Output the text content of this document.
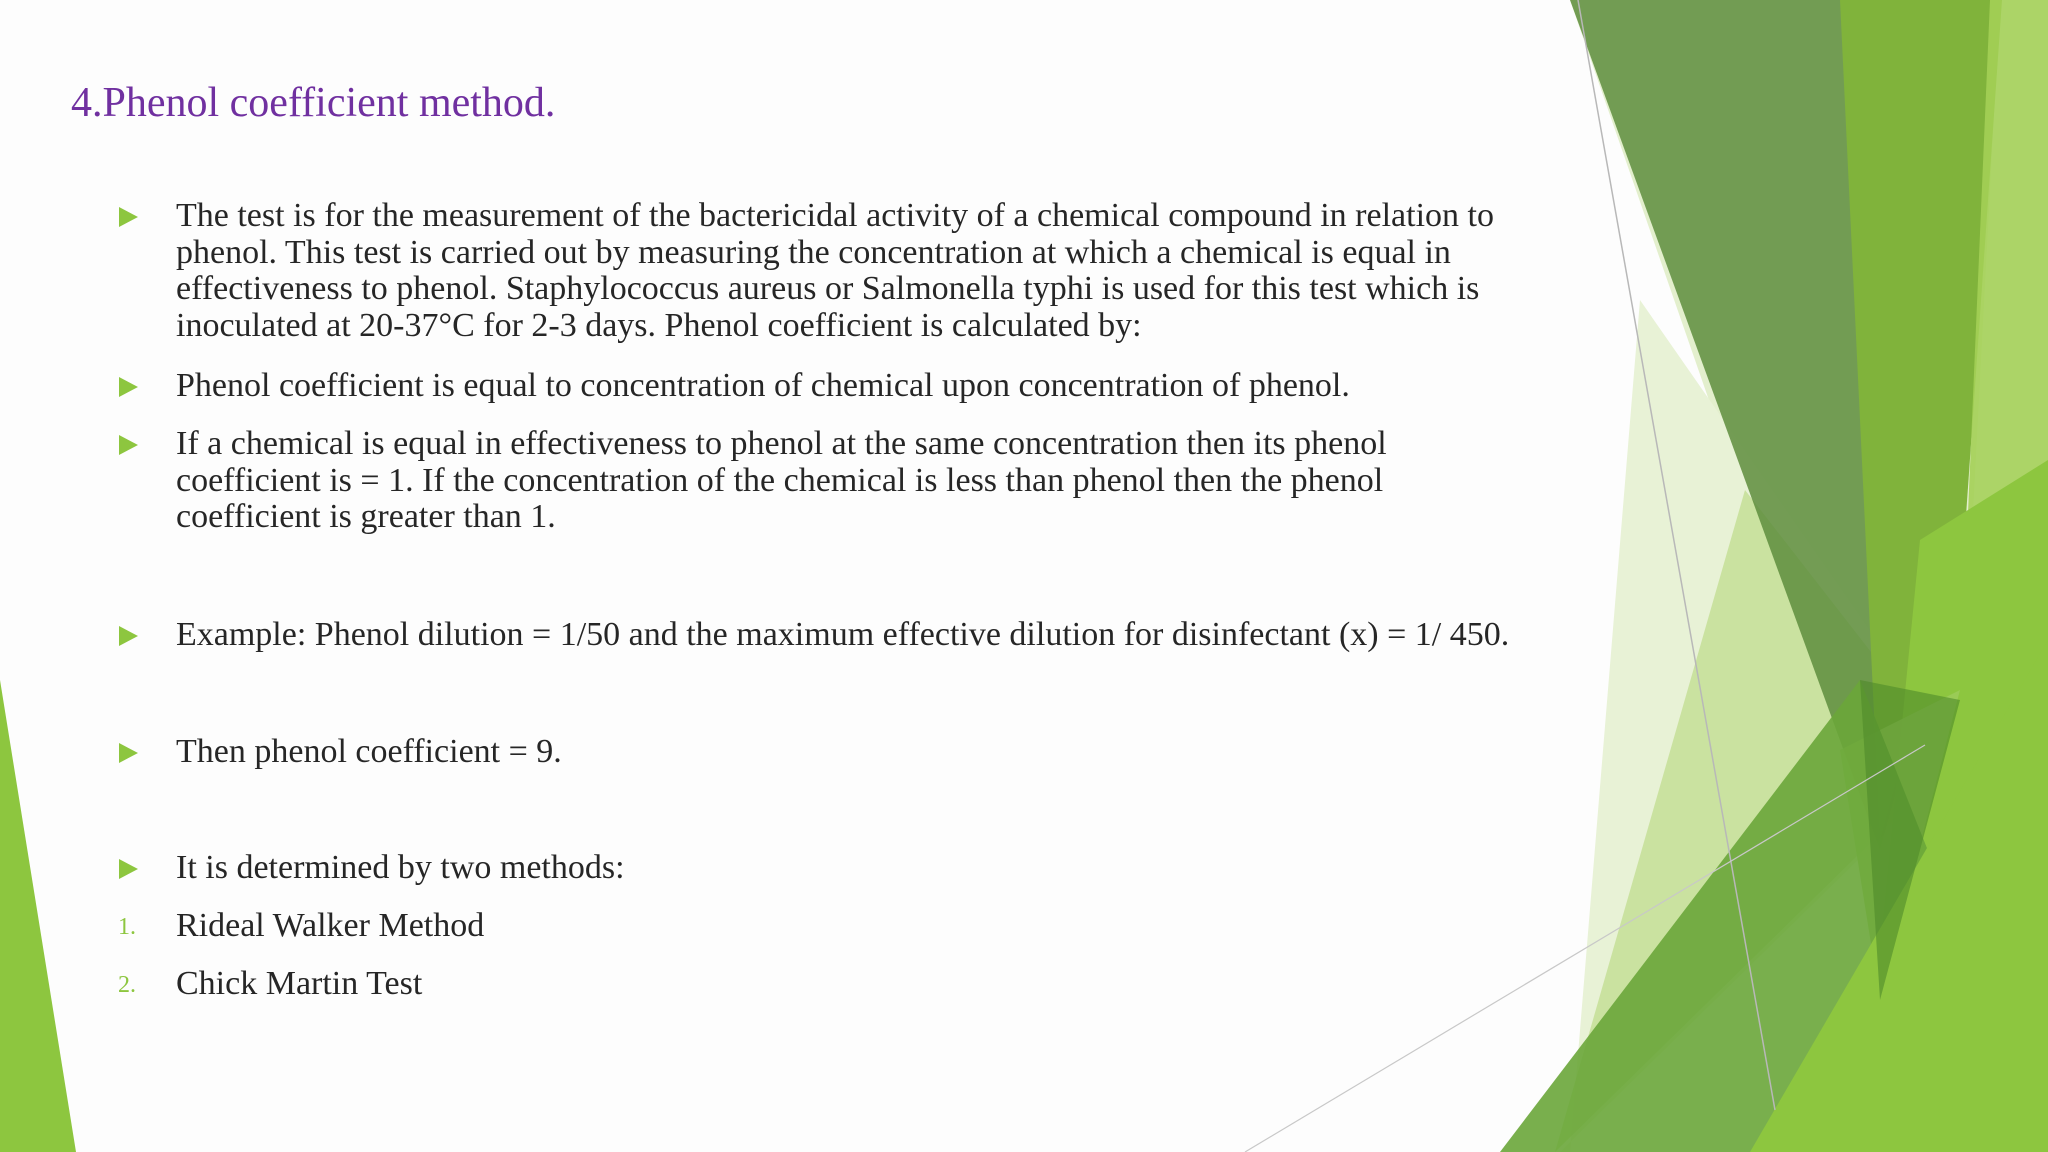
4.Phenol coefficient method.
The test is for the measurement of the bactericidal activity of a chemical compound in relation to phenol. This test is carried out by measuring the concentration at which a chemical is equal in effectiveness to phenol. Staphylococcus aureus or Salmonella typhi is used for this test which is inoculated at 20-37°C for 2-3 days. Phenol coefficient is calculated by:
Phenol coefficient is equal to concentration of chemical upon concentration of phenol.
If a chemical is equal in effectiveness to phenol at the same concentration then its phenol coefficient is = 1. If the concentration of the chemical is less than phenol then the phenol coefficient is greater than 1.
Example: Phenol dilution = 1/50 and the maximum effective dilution for disinfectant (x) = 1/ 450.
Then phenol coefficient = 9.
It is determined by two methods:
1. Rideal Walker Method
2. Chick Martin Test
